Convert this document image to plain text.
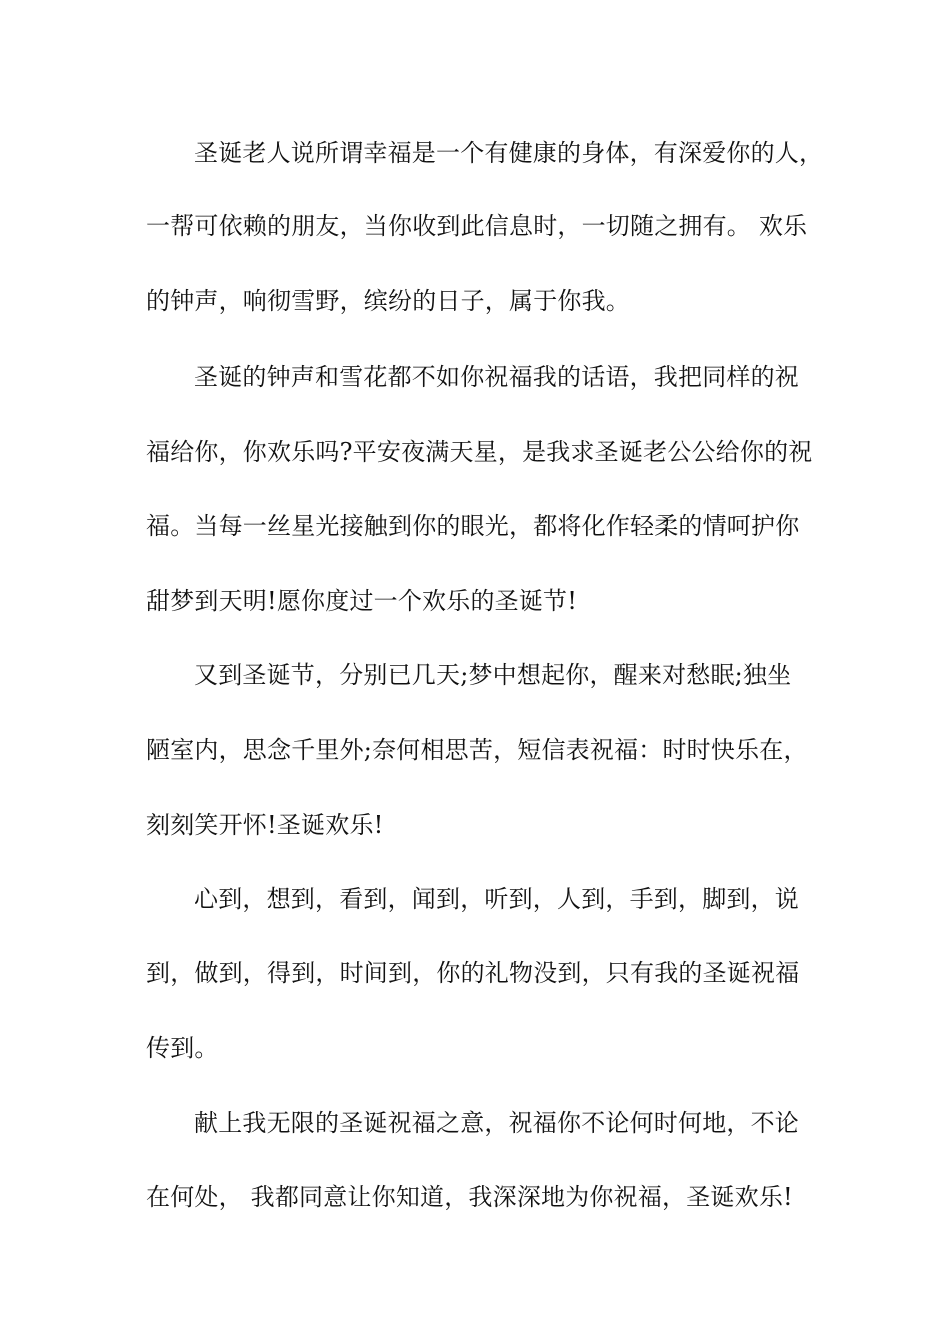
圣诞老人说所谓幸福是一个有健康的身体，有深爱你的人，
一帮可依赖的朋友，当你收到此信息时，一切随之拥有。 欢乐
的钟声，响彻雪野，缤纷的日子，属于你我。
圣诞的钟声和雪花都不如你祝福我的话语，我把同样的祝
福给你，你欢乐吗?平安夜满天星，是我求圣诞老公公给你的祝
福。当每一丝星光接触到你的眼光，都将化作轻柔的情呵护你
甜梦到天明!愿你度过一个欢乐的圣诞节!
又到圣诞节，分别已几天;梦中想起你，醒来对愁眠;独坐
陋室内，思念千里外;奈何相思苦，短信表祝福：时时快乐在，
刻刻笑开怀!圣诞欢乐!
心到，想到，看到，闻到，听到，人到，手到，脚到，说
到，做到，得到，时间到，你的礼物没到，只有我的圣诞祝福
传到。
献上我无限的圣诞祝福之意，祝福你不论何时何地，不论
在何处， 我都同意让你知道，我深深地为你祝福，圣诞欢乐!
